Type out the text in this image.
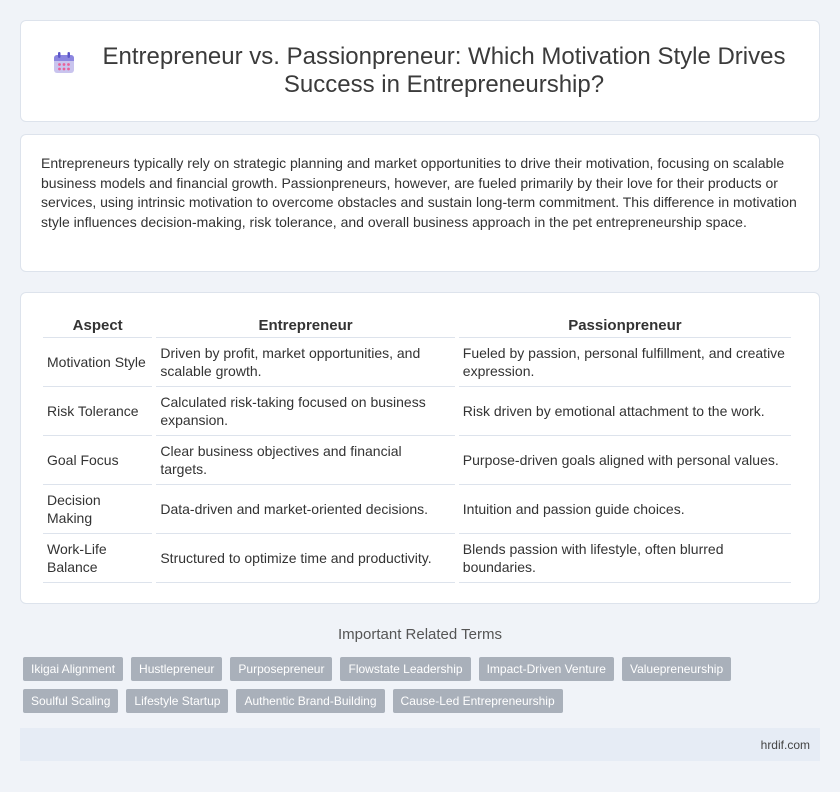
Entrepreneur vs. Passionpreneur: Which Motivation Style Drives Success in Entrepreneurship?

Entrepreneurs typically rely on strategic planning and market opportunities to drive their motivation, focusing on scalable business models and financial growth. Passionpreneurs, however, are fueled primarily by their love for their products or services, using intrinsic motivation to overcome obstacles and sustain long-term commitment. This difference in motivation style influences decision-making, risk tolerance, and overall business approach in the pet entrepreneurship space.

Aspect	Entrepreneur	Passionpreneur
Motivation Style	Driven by profit, market opportunities, and scalable growth.	Fueled by passion, personal fulfillment, and creative expression.
Risk Tolerance	Calculated risk-taking focused on business expansion.	Risk driven by emotional attachment to the work.
Goal Focus	Clear business objectives and financial targets.	Purpose-driven goals aligned with personal values.
Decision Making	Data-driven and market-oriented decisions.	Intuition and passion guide choices.
Work-Life Balance	Structured to optimize time and productivity.	Blends passion with lifestyle, often blurred boundaries.
Important Related Terms
Ikigai Alignment	Hustlepreneur	Purposepreneur	Flowstate Leadership	Impact-Driven Venture	Valuepreneurship
Soulful Scaling	Lifestyle Startup	Authentic Brand-Building	Cause-Led Entrepreneurship
hrdif.com
